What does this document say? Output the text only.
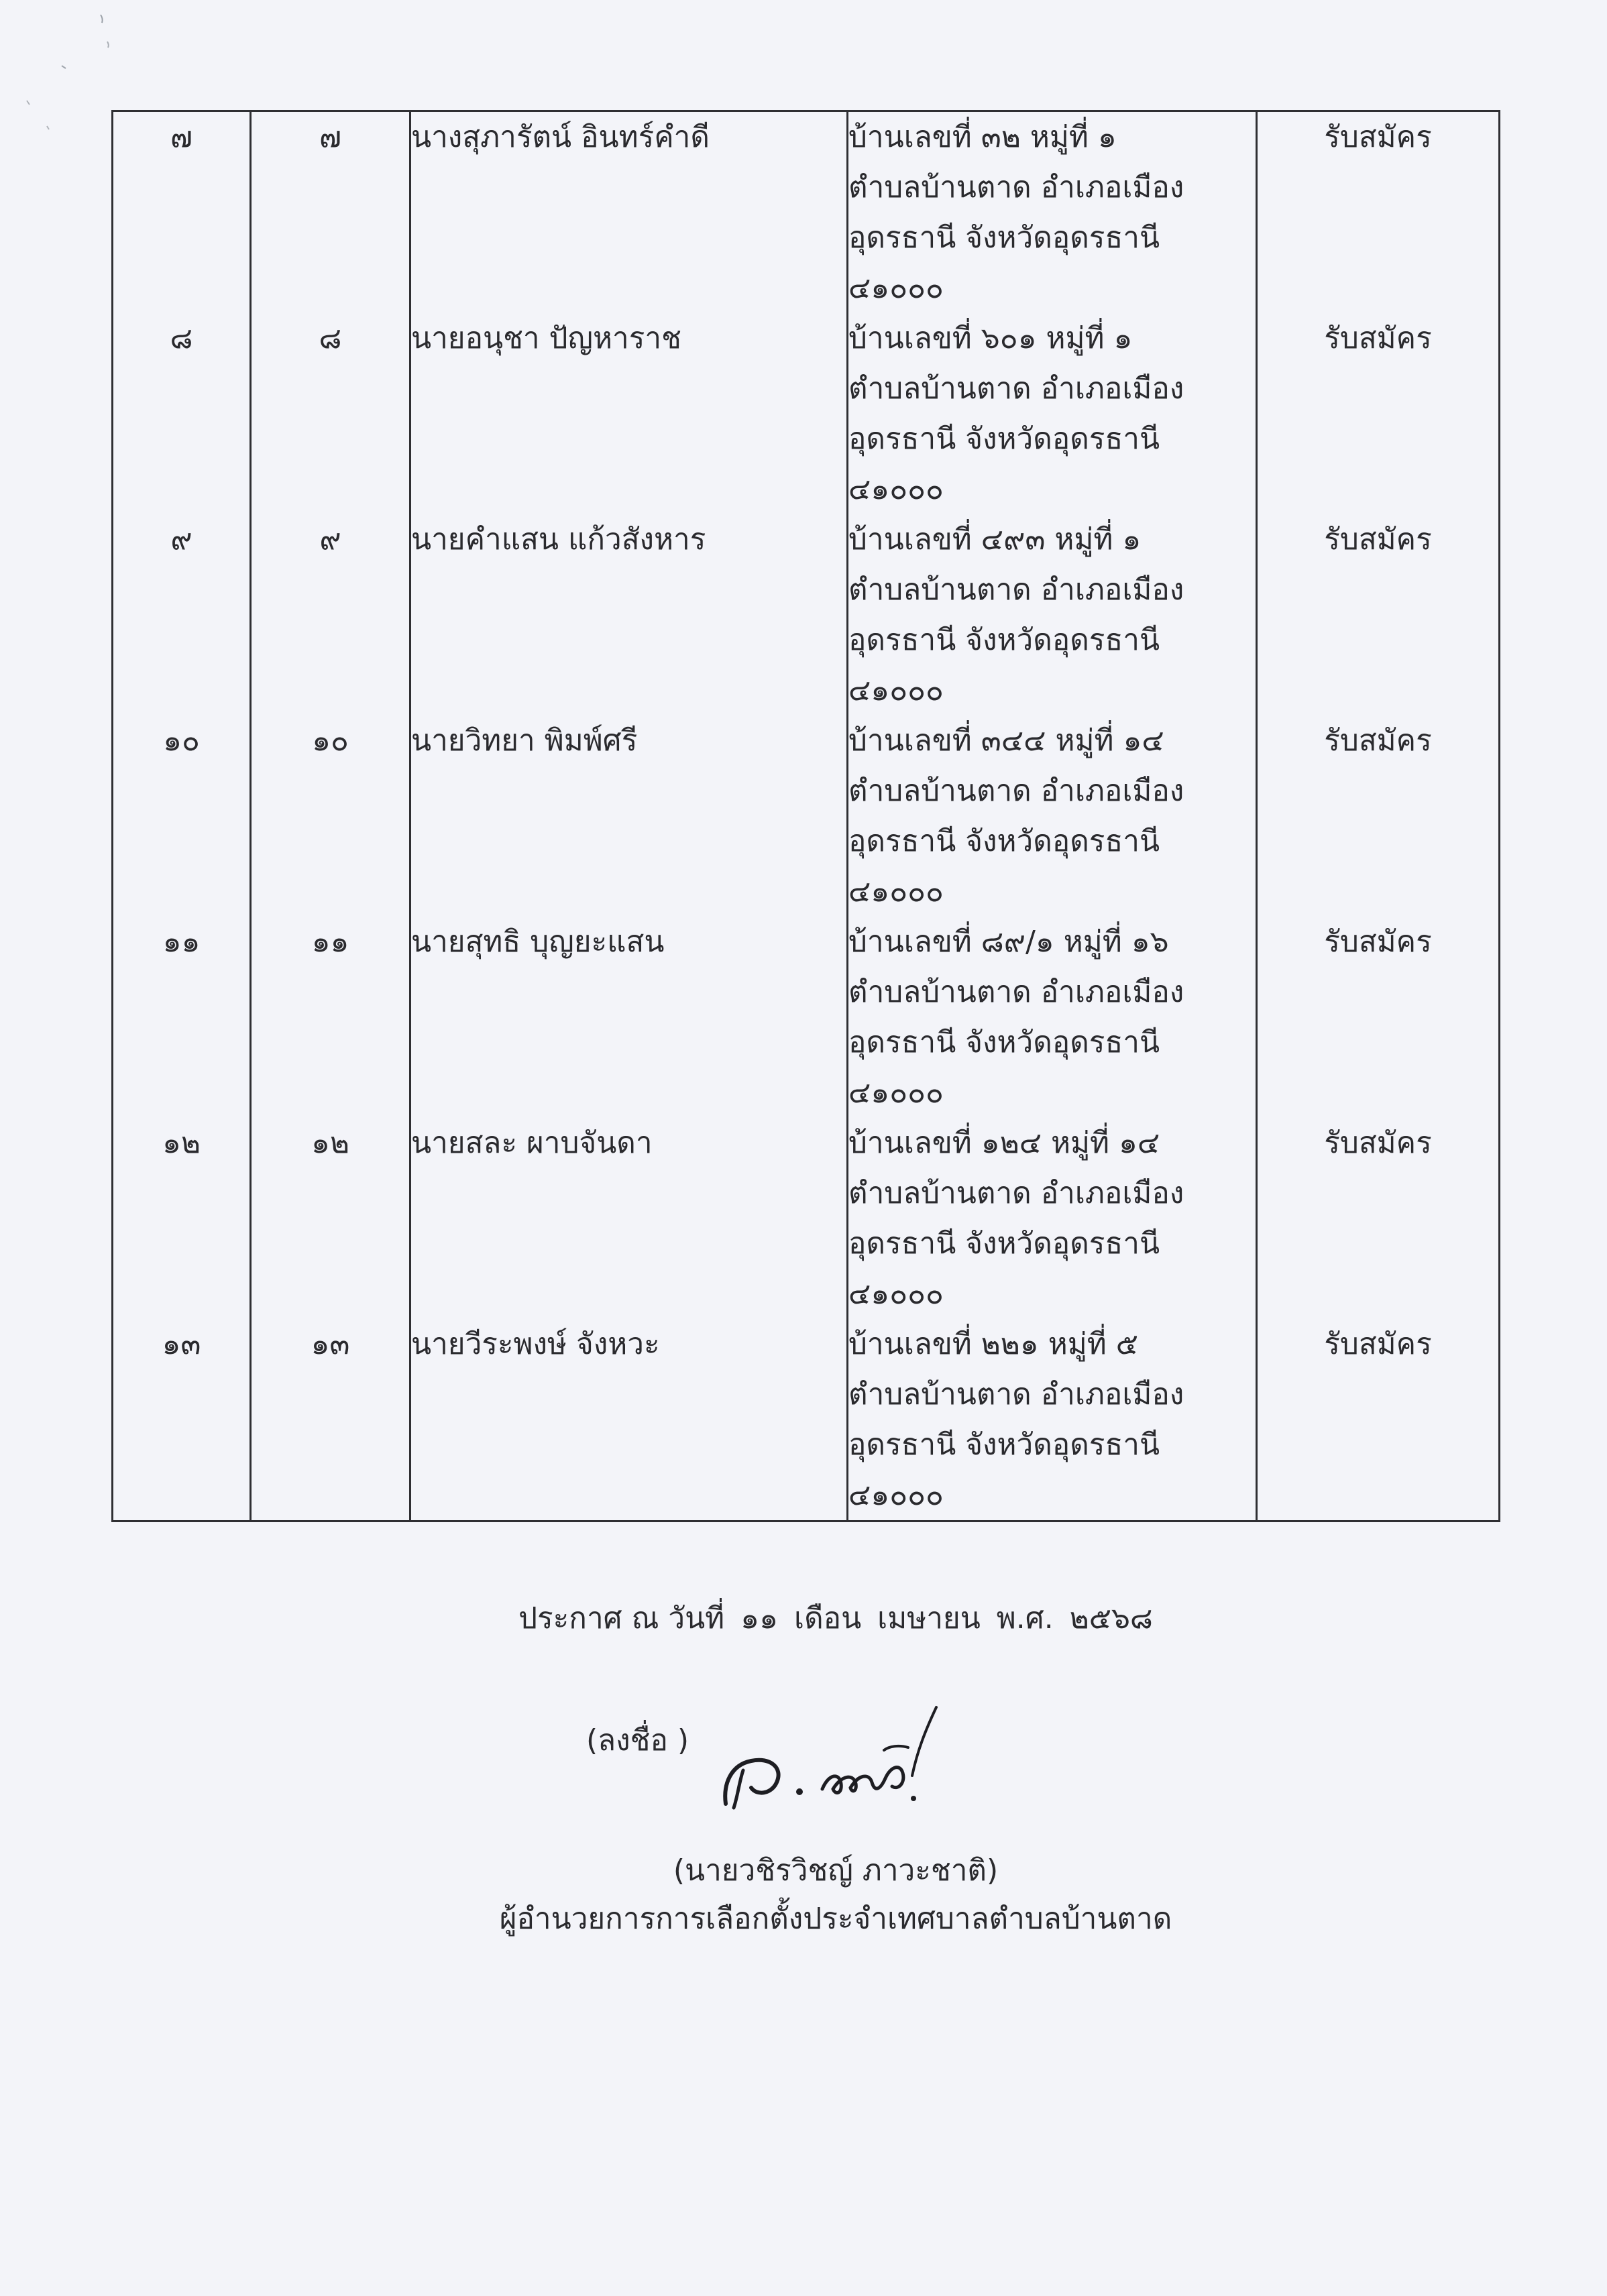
๗	๗	นางสุภารัตน์ อินทร์คำดี	บ้านเลขที่ ๓๒ หมู่ที่ ๑
ตำบลบ้านตาด อำเภอเมือง
อุดรธานี จังหวัดอุดรธานี
๔๑๐๐๐	รับสมัคร
๘	๘	นายอนุชา ปัญหาราช	บ้านเลขที่ ๖๐๑ หมู่ที่ ๑
ตำบลบ้านตาด อำเภอเมือง
อุดรธานี จังหวัดอุดรธานี
๔๑๐๐๐	รับสมัคร
๙	๙	นายคำแสน แก้วสังหาร	บ้านเลขที่ ๔๙๓ หมู่ที่ ๑
ตำบลบ้านตาด อำเภอเมือง
อุดรธานี จังหวัดอุดรธานี
๔๑๐๐๐	รับสมัคร
๑๐	๑๐	นายวิทยา พิมพ์ศรี	บ้านเลขที่ ๓๔๔ หมู่ที่ ๑๔
ตำบลบ้านตาด อำเภอเมือง
อุดรธานี จังหวัดอุดรธานี
๔๑๐๐๐	รับสมัคร
๑๑	๑๑	นายสุทธิ บุญยะแสน	บ้านเลขที่ ๘๙/๑ หมู่ที่ ๑๖
ตำบลบ้านตาด อำเภอเมือง
อุดรธานี จังหวัดอุดรธานี
๔๑๐๐๐	รับสมัคร
๑๒	๑๒	นายสละ ผาบจันดา	บ้านเลขที่ ๑๒๔ หมู่ที่ ๑๔
ตำบลบ้านตาด อำเภอเมือง
อุดรธานี จังหวัดอุดรธานี
๔๑๐๐๐	รับสมัคร
๑๓	๑๓	นายวีระพงษ์ จังหวะ	บ้านเลขที่ ๒๒๑ หมู่ที่ ๕
ตำบลบ้านตาด อำเภอเมือง
อุดรธานี จังหวัดอุดรธานี
๔๑๐๐๐	รับสมัคร
ประกาศ ณ วันที่ ๑๑ เดือน เมษายน พ.ศ. ๒๕๖๘
(ลงชื่อ )
(นายวชิรวิชญ์ ภาวะชาติ)
ผู้อำนวยการการเลือกตั้งประจำเทศบาลตำบลบ้านตาด
